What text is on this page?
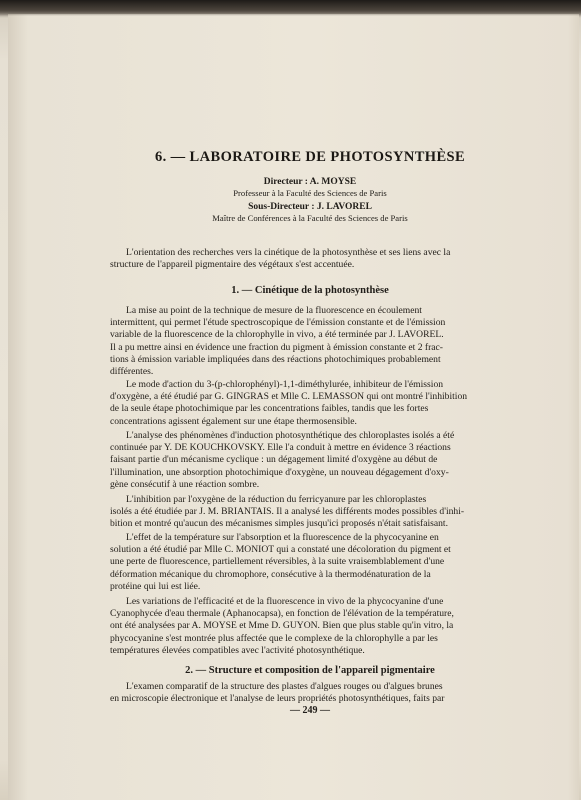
6. — LABORATOIRE DE PHOTOSYNTHÈSE
Directeur : A. MOYSE
Professeur à la Faculté des Sciences de Paris
Sous-Directeur : J. LAVOREL
Maître de Conférences à la Faculté des Sciences de Paris
L'orientation des recherches vers la cinétique de la photosynthèse et ses liens avec la
structure de l'appareil pigmentaire des végétaux s'est accentuée.
1. — Cinétique de la photosynthèse
La mise au point de la technique de mesure de la fluorescence en écoulement
intermittent, qui permet l'étude spectroscopique de l'émission constante et de l'émission
variable de la fluorescence de la chlorophylle in vivo, a été terminée par J. LAVOREL.
Il a pu mettre ainsi en évidence une fraction du pigment à émission constante et 2 frac-
tions à émission variable impliquées dans des réactions photochimiques probablement
différentes.
Le mode d'action du 3-(p-chlorophényl)-1,1-diméthylurée, inhibiteur de l'émission
d'oxygène, a été étudié par G. GINGRAS et Mlle C. LEMASSON qui ont montré l'inhibition
de la seule étape photochimique par les concentrations faibles, tandis que les fortes
concentrations agissent également sur une étape thermosensible.
L'analyse des phénomènes d'induction photosynthétique des chloroplastes isolés a été
continuée par Y. DE KOUCHKOVSKY. Elle l'a conduit à mettre en évidence 3 réactions
faisant partie d'un mécanisme cyclique : un dégagement limité d'oxygène au début de
l'illumination, une absorption photochimique d'oxygène, un nouveau dégagement d'oxy-
gène consécutif à une réaction sombre.
L'inhibition par l'oxygène de la réduction du ferricyanure par les chloroplastes
isolés a été étudiée par J. M. BRIANTAIS. Il a analysé les différents modes possibles d'inhi-
bition et montré qu'aucun des mécanismes simples jusqu'ici proposés n'était satisfaisant.
L'effet de la température sur l'absorption et la fluorescence de la phycocyanine en
solution a été étudié par Mlle C. MONIOT qui a constaté une décoloration du pigment et
une perte de fluorescence, partiellement réversibles, à la suite vraisemblablement d'une
déformation mécanique du chromophore, consécutive à la thermodénaturation de la
protéine qui lui est liée.
Les variations de l'efficacité et de la fluorescence in vivo de la phycocyanine d'une
Cyanophycée d'eau thermale (Aphanocapsa), en fonction de l'élévation de la température,
ont été analysées par A. MOYSE et Mme D. GUYON. Bien que plus stable qu'in vitro, la
phycocyanine s'est montrée plus affectée que le complexe de la chlorophylle a par les
températures élevées compatibles avec l'activité photosynthétique.
2. — Structure et composition de l'appareil pigmentaire
L'examen comparatif de la structure des plastes d'algues rouges ou d'algues brunes
en microscopie électronique et l'analyse de leurs propriétés photosynthétiques, faits par
— 249 —
